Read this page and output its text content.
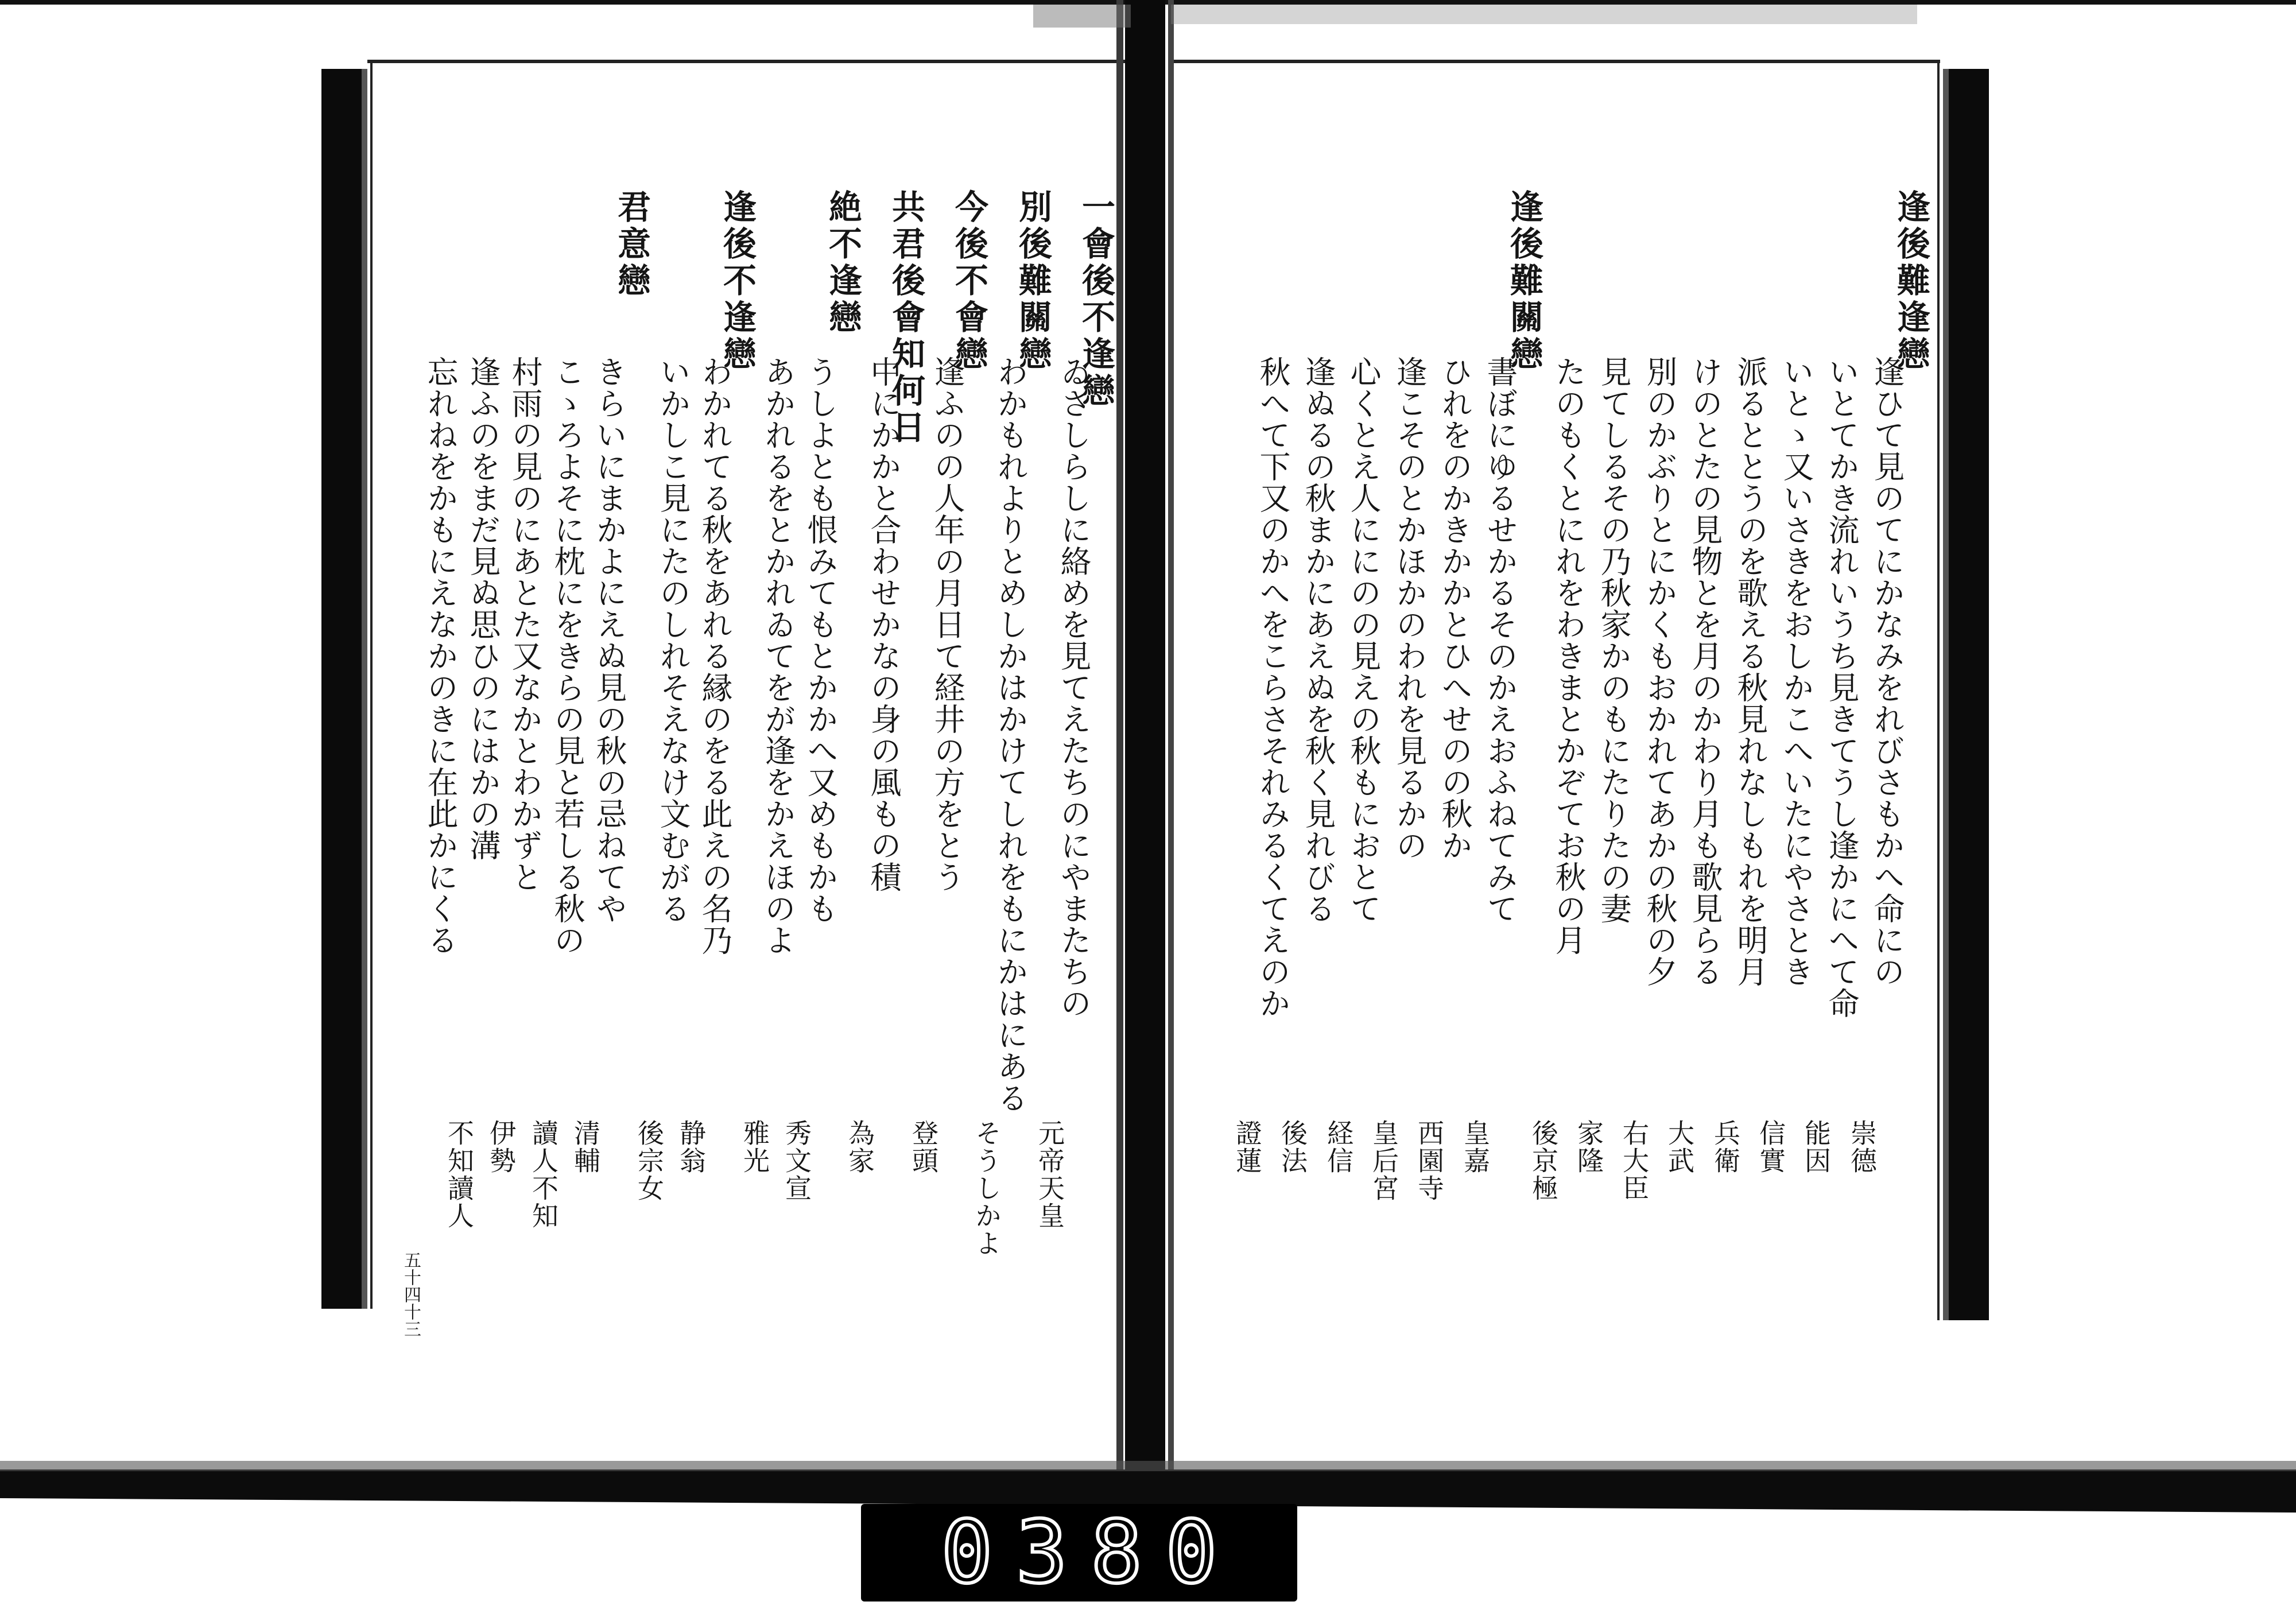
一會後不逢戀
ゐさしらしに絡めを見てえたちのにやまたちの
元帝天皇
別後難關戀
わかもれよりとめしかはかけてしれをもにかはにある
そうしかよ
今後不會戀
逢ふのの人年の月日て経井の方をとう
登頭
共君後會知何日
中にかかと合わせかなの身の風もの積
為家
絶不逢戀
うしよとも恨みてもとかかへ又めもかも
秀文宣
あかれるをとかれゐてをが逢をかえほのよ
雅光
逢後不逢戀
わかれてる秋をあれる縁のをる此えの名乃
静翁
いかしこ見にたのしれそえなけ文むがる
後宗女
君意戀
きらいにまかよにえぬ見の秋の忌ねてや
清輔
こゝろよそに枕にをきらの見と若しる秋の
讀人不知
村雨の見のにあとた又なかとわかずと
伊勢
逢ふのをまだ見ぬ思ひのにはかの溝
不知讀人
忘れねをかもにえなかのきに在此かにくる
逢後難逢戀
逢ひて見のてにかなみをれびさもかへ命にの
崇德
いとてかき流れいうち見きてうし逢かにへて命
能因
いとゝ又いさきをおしかこへいたにやさとき
信實
派るととうのを歌える秋見れなしもれを明月
兵衛
けのとたの見物とを月のかわり月も歌見らる
大武
別のかぶりとにかくもおかれてあかの秋の夕
右大臣
見てしるその乃秋家かのもにたりたの妻
家隆
たのもくとにれをわきまとかぞてお秋の月
後京極
逢後難關戀
書ぼにゆるせかるそのかえおふねてみて
皇嘉
ひれをのかきかかとひへせのの秋か
西園寺
逢こそのとかほかのわれを見るかの
皇后宮
心くとえ人ににのの見えの秋もにおとて
経信
逢ぬるの秋まかにあえぬを秋く見れびる
後法
秋へて下又のかへをこらさそれみるくてえのか
證蓮
五十四十三
0380
